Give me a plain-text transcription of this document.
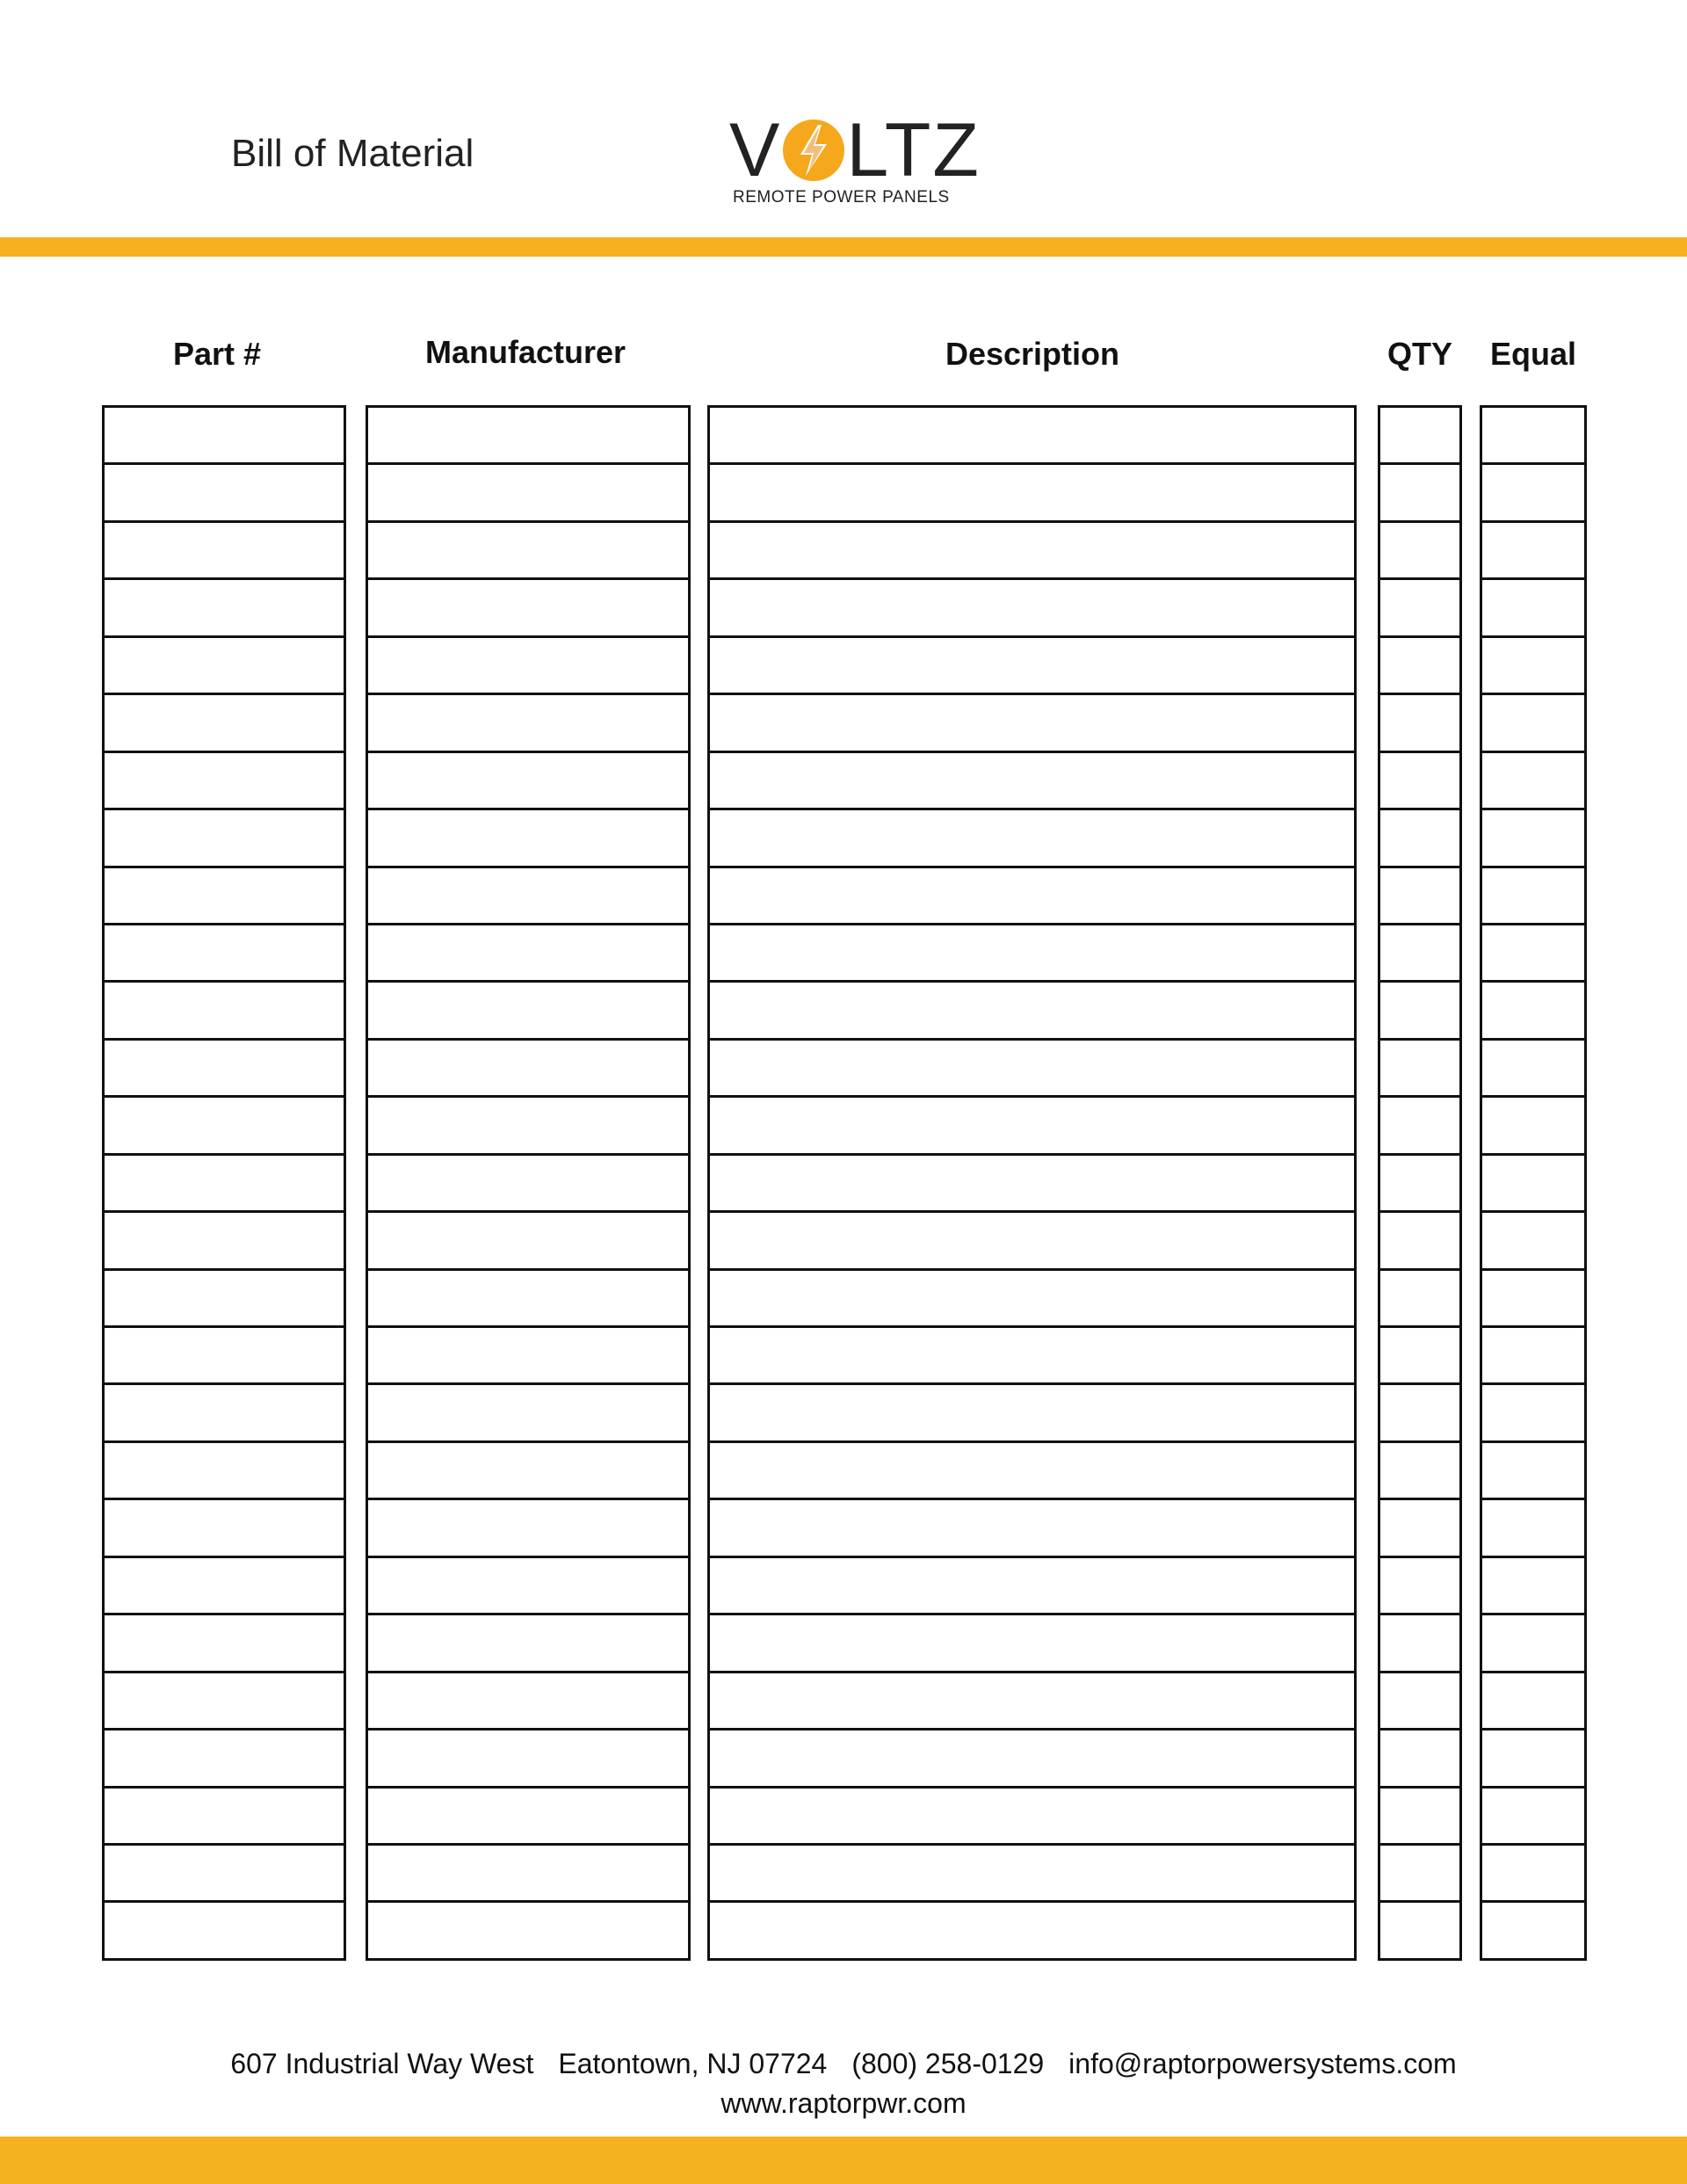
Bill of Material	V LTZ
REMOTE POWER PANELS
Part #	Manufacturer	Description	QTY	Equal
607 Industrial Way West Eatontown, NJ 07724 (800) 258-0129 info@raptorpowersystems.com
www.raptorpwr.com
